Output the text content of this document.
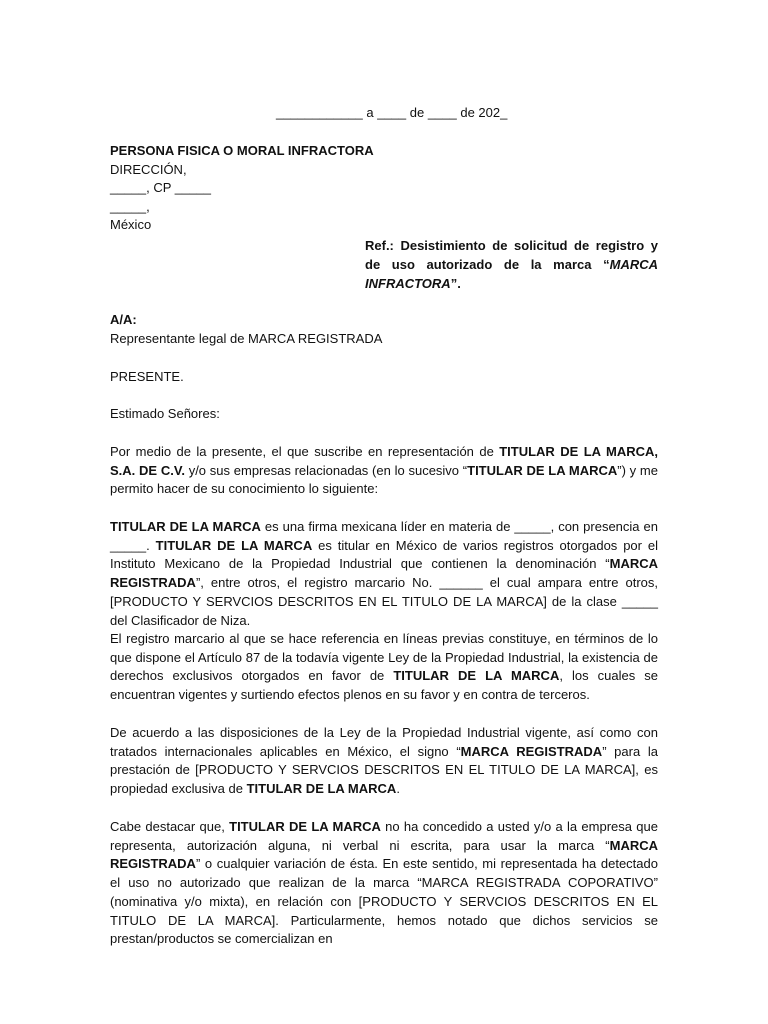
____________ a ____ de ____ de 202_

PERSONA FISICA O MORAL INFRACTORA

DIRECCIÓN,

_____, CP _____

_____,

México

Ref.: Desistimiento de solicitud de registro y de uso autorizado de la marca “MARCA INFRACTORA”.

A/A:

Representante legal de MARCA REGISTRADA

PRESENTE.

Estimado Señores:

Por medio de la presente, el que suscribe en representación de TITULAR DE LA MARCA, S.A. DE C.V. y/o sus empresas relacionadas (en lo sucesivo “TITULAR DE LA MARCA”) y me permito hacer de su conocimiento lo siguiente:

TITULAR DE LA MARCA es una firma mexicana líder en materia de _____, con presencia en _____. TITULAR DE LA MARCA es titular en México de varios registros otorgados por el Instituto Mexicano de la Propiedad Industrial que contienen la denominación “MARCA REGISTRADA”, entre otros, el registro marcario No. ______ el cual ampara entre otros, [PRODUCTO Y SERVCIOS DESCRITOS EN EL TITULO DE LA MARCA] de la clase _____ del Clasificador de Niza.

El registro marcario al que se hace referencia en líneas previas constituye, en términos de lo que dispone el Artículo 87 de la todavía vigente Ley de la Propiedad Industrial, la existencia de derechos exclusivos otorgados en favor de TITULAR DE LA MARCA, los cuales se encuentran vigentes y surtiendo efectos plenos en su favor y en contra de terceros.

De acuerdo a las disposiciones de la Ley de la Propiedad Industrial vigente, así como con tratados internacionales aplicables en México, el signo “MARCA REGISTRADA” para la prestación de [PRODUCTO Y SERVCIOS DESCRITOS EN EL TITULO DE LA MARCA], es propiedad exclusiva de TITULAR DE LA MARCA.

Cabe destacar que, TITULAR DE LA MARCA no ha concedido a usted y/o a la empresa que representa, autorización alguna, ni verbal ni escrita, para usar la marca “MARCA REGISTRADA” o cualquier variación de ésta. En este sentido, mi representada ha detectado el uso no autorizado que realizan de la marca “MARCA REGISTRADA COPORATIVO” (nominativa y/o mixta), en relación con [PRODUCTO Y SERVCIOS DESCRITOS EN EL TITULO DE LA MARCA]. Particularmente, hemos notado que dichos servicios se prestan/productos se comercializan en
